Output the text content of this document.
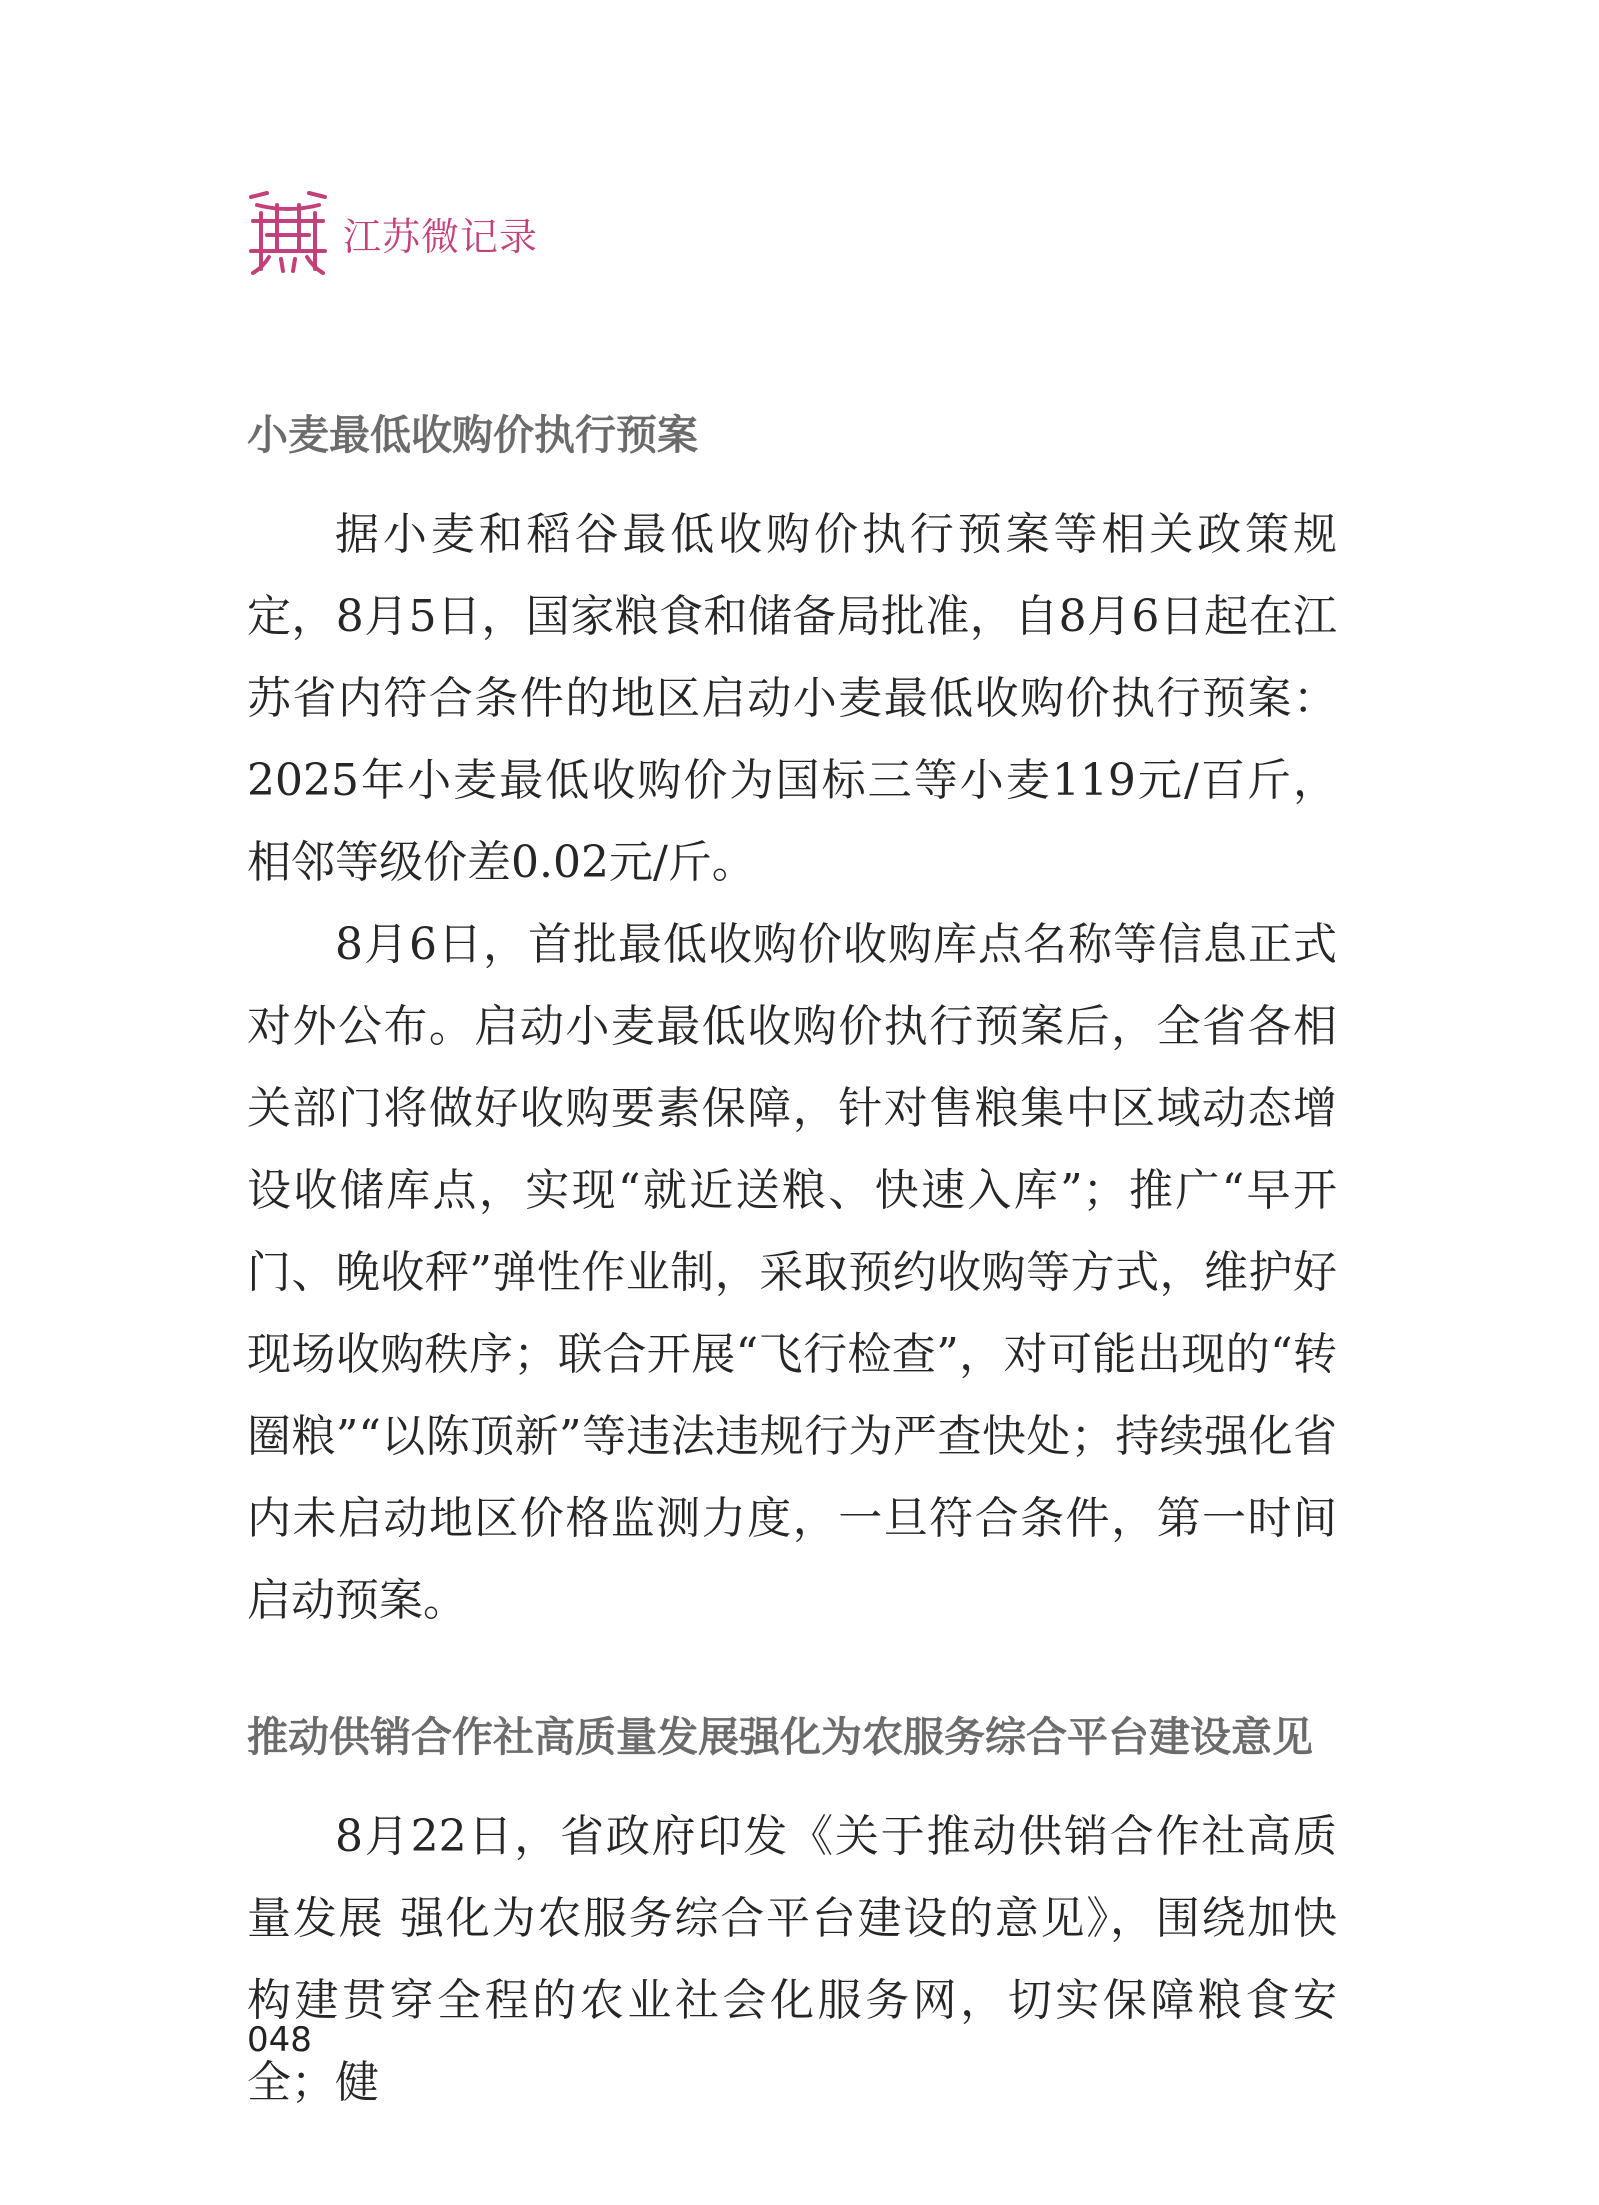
江苏微记录
小麦最低收购价执行预案

据小麦和稻谷最低收购价执行预案等相关政策规定，8月5日，国家粮食和储备局批准，自8月6日起在江苏省内符合条件的地区启动小麦最低收购价执行预案：2025年小麦最低收购价为国标三等小麦119元/百斤，相邻等级价差0.02元/斤。

8月6日，首批最低收购价收购库点名称等信息正式对外公布。启动小麦最低收购价执行预案后，全省各相关部门将做好收购要素保障，针对售粮集中区域动态增设收储库点，实现“就近送粮、快速入库”；推广“早开门、晚收秤”弹性作业制，采取预约收购等方式，维护好现场收购秩序；联合开展“飞行检查”，对可能出现的“转圈粮”“以陈顶新”等违法违规行为严查快处；持续强化省内未启动地区价格监测力度，一旦符合条件，第一时间启动预案。

推动供销合作社高质量发展强化为农服务综合平台建设意见

8月22日，省政府印发《关于推动供销合作社高质量发展 强化为农服务综合平台建设的意见》，围绕加快构建贯穿全程的农业社会化服务网，切实保障粮食安全；健

048
